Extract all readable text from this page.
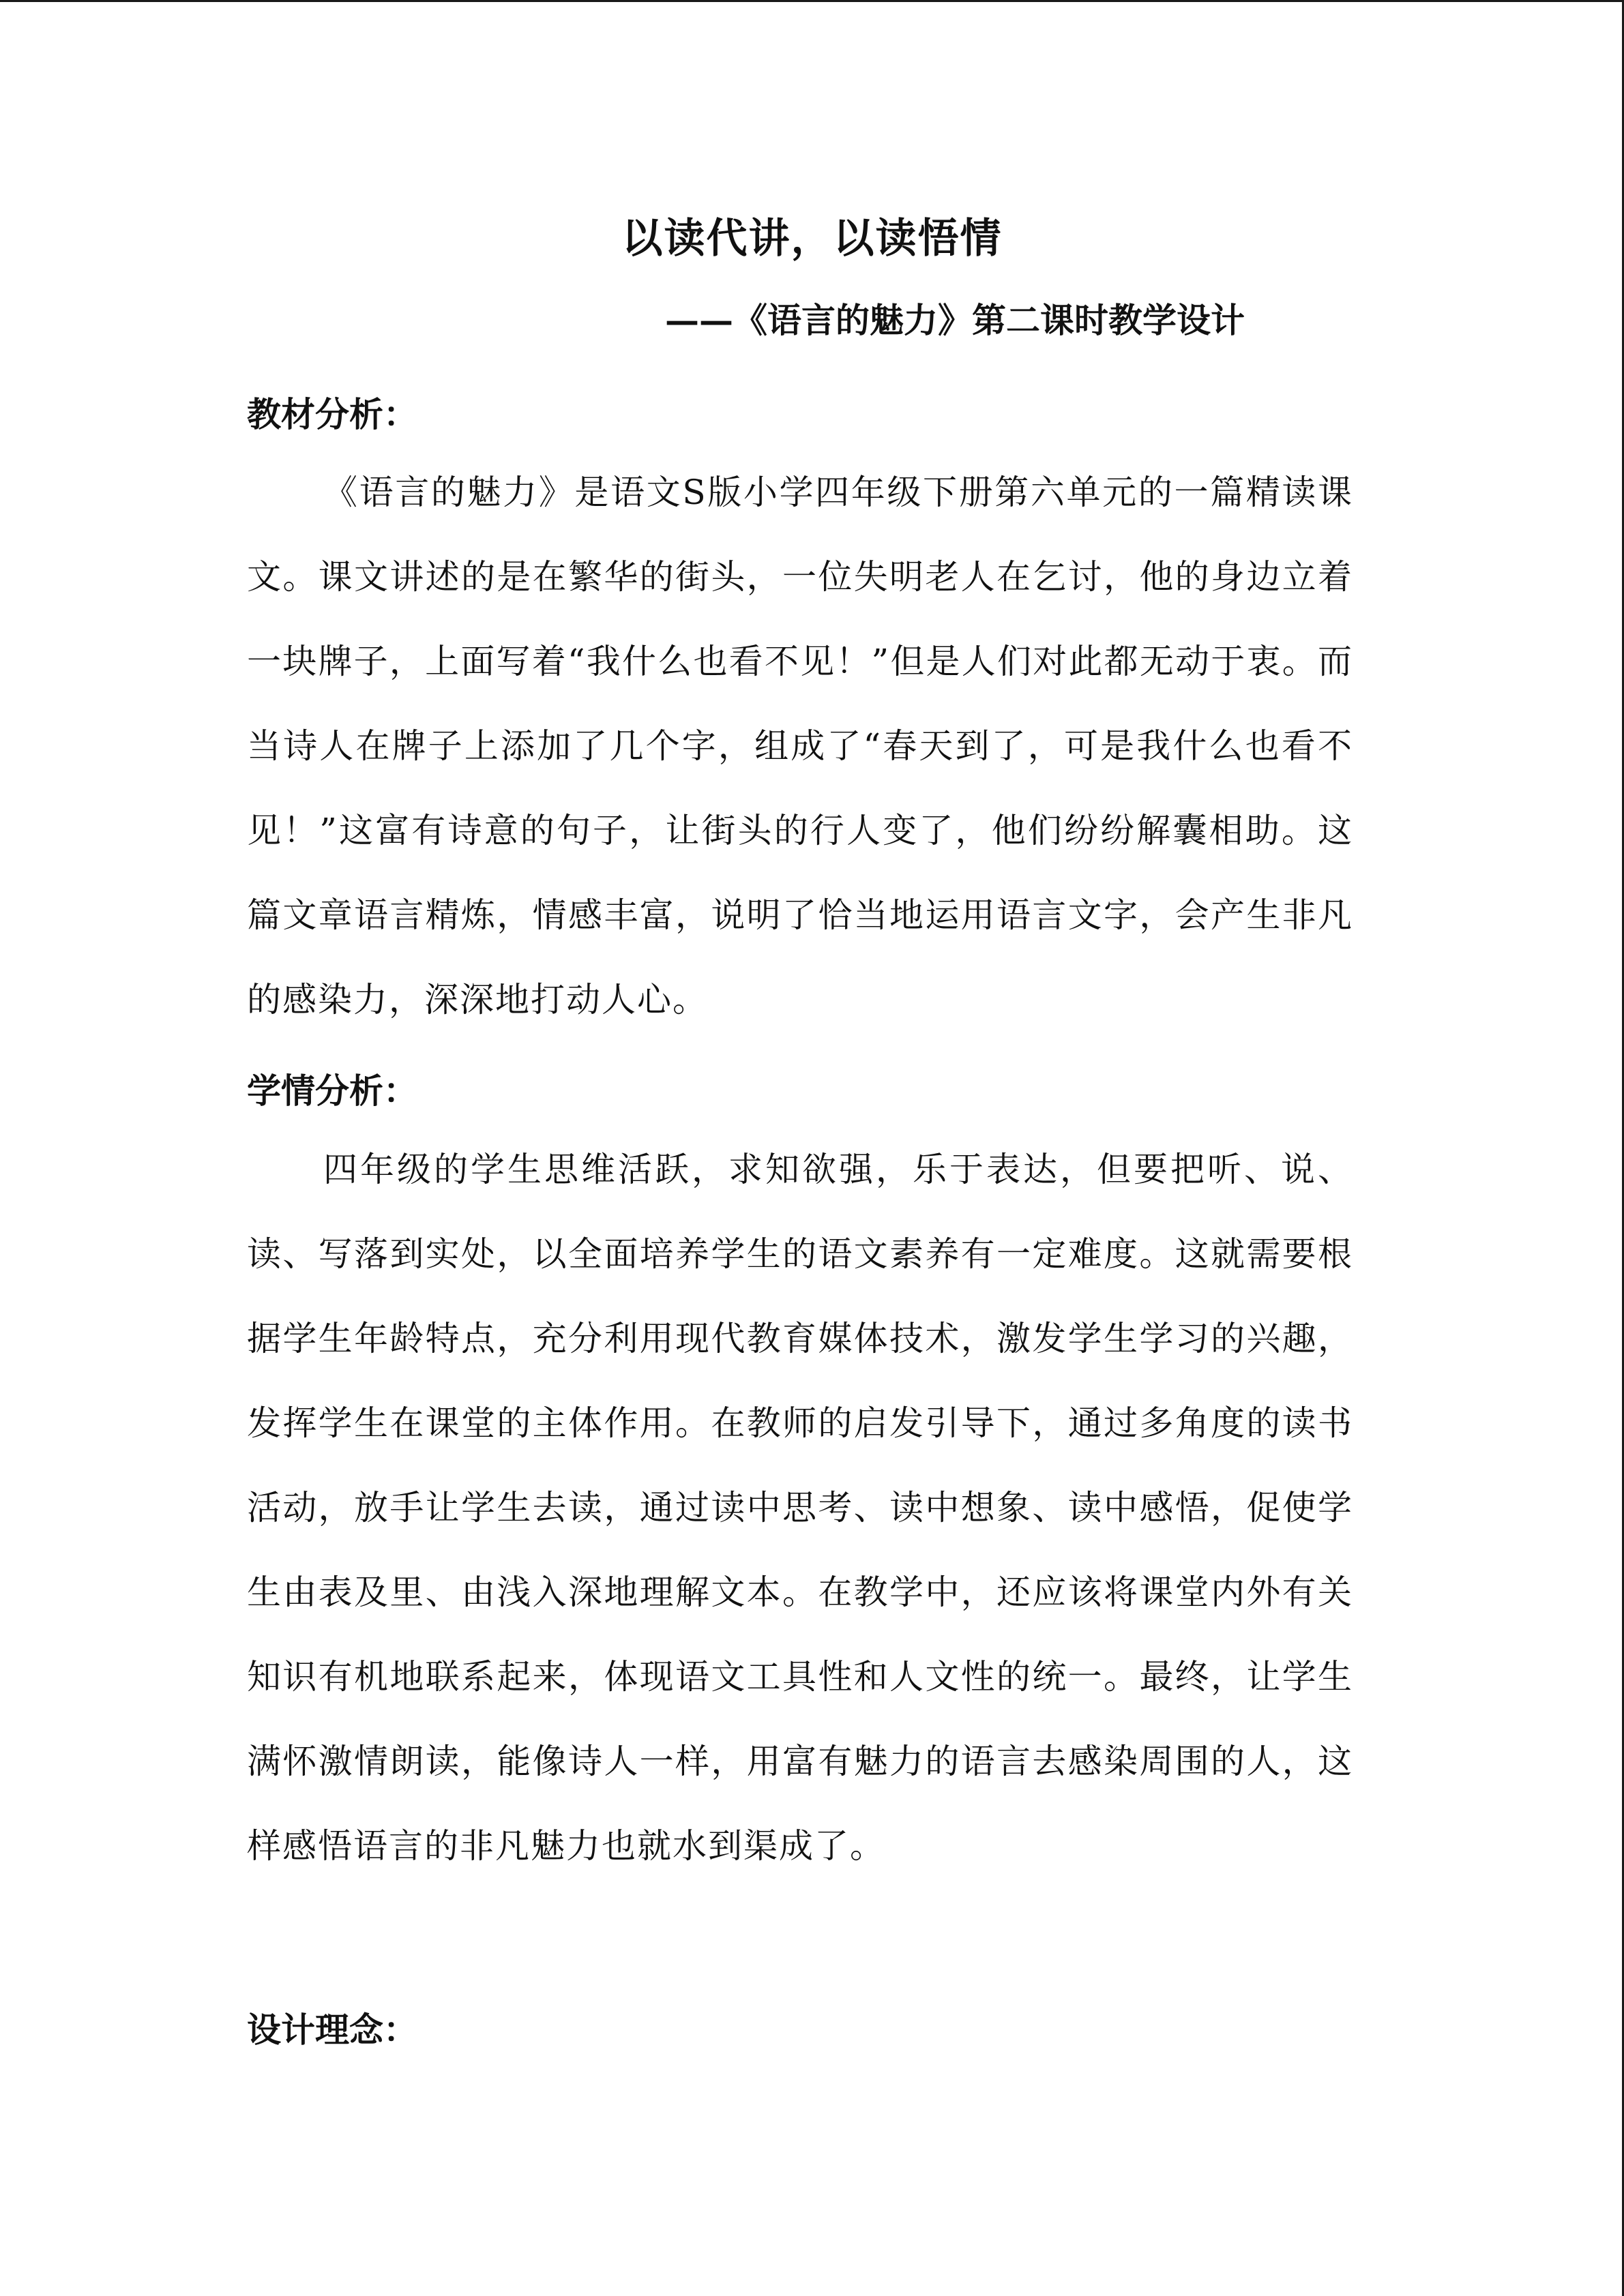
以读代讲，以读悟情
——《语言的魅力》第二课时教学设计
教材分析：
《语言的魅力》是语文S版小学四年级下册第六单元的一篇精读课文。课文讲述的是在繁华的街头，一位失明老人在乞讨，他的身边立着一块牌子，上面写着“我什么也看不见！”但是人们对此都无动于衷。而当诗人在牌子上添加了几个字，组成了“春天到了，可是我什么也看不见！”这富有诗意的句子，让街头的行人变了，他们纷纷解囊相助。这篇文章语言精炼，情感丰富，说明了恰当地运用语言文字，会产生非凡的感染力，深深地打动人心。
学情分析：
四年级的学生思维活跃，求知欲强，乐于表达，但要把听、说、读、写落到实处，以全面培养学生的语文素养有一定难度。这就需要根据学生年龄特点，充分利用现代教育媒体技术，激发学生学习的兴趣，发挥学生在课堂的主体作用。在教师的启发引导下，通过多角度的读书活动，放手让学生去读，通过读中思考、读中想象、读中感悟，促使学生由表及里、由浅入深地理解文本。在教学中，还应该将课堂内外有关知识有机地联系起来，体现语文工具性和人文性的统一。最终，让学生满怀激情朗读，能像诗人一样，用富有魅力的语言去感染周围的人，这样感悟语言的非凡魅力也就水到渠成了。
设计理念：
